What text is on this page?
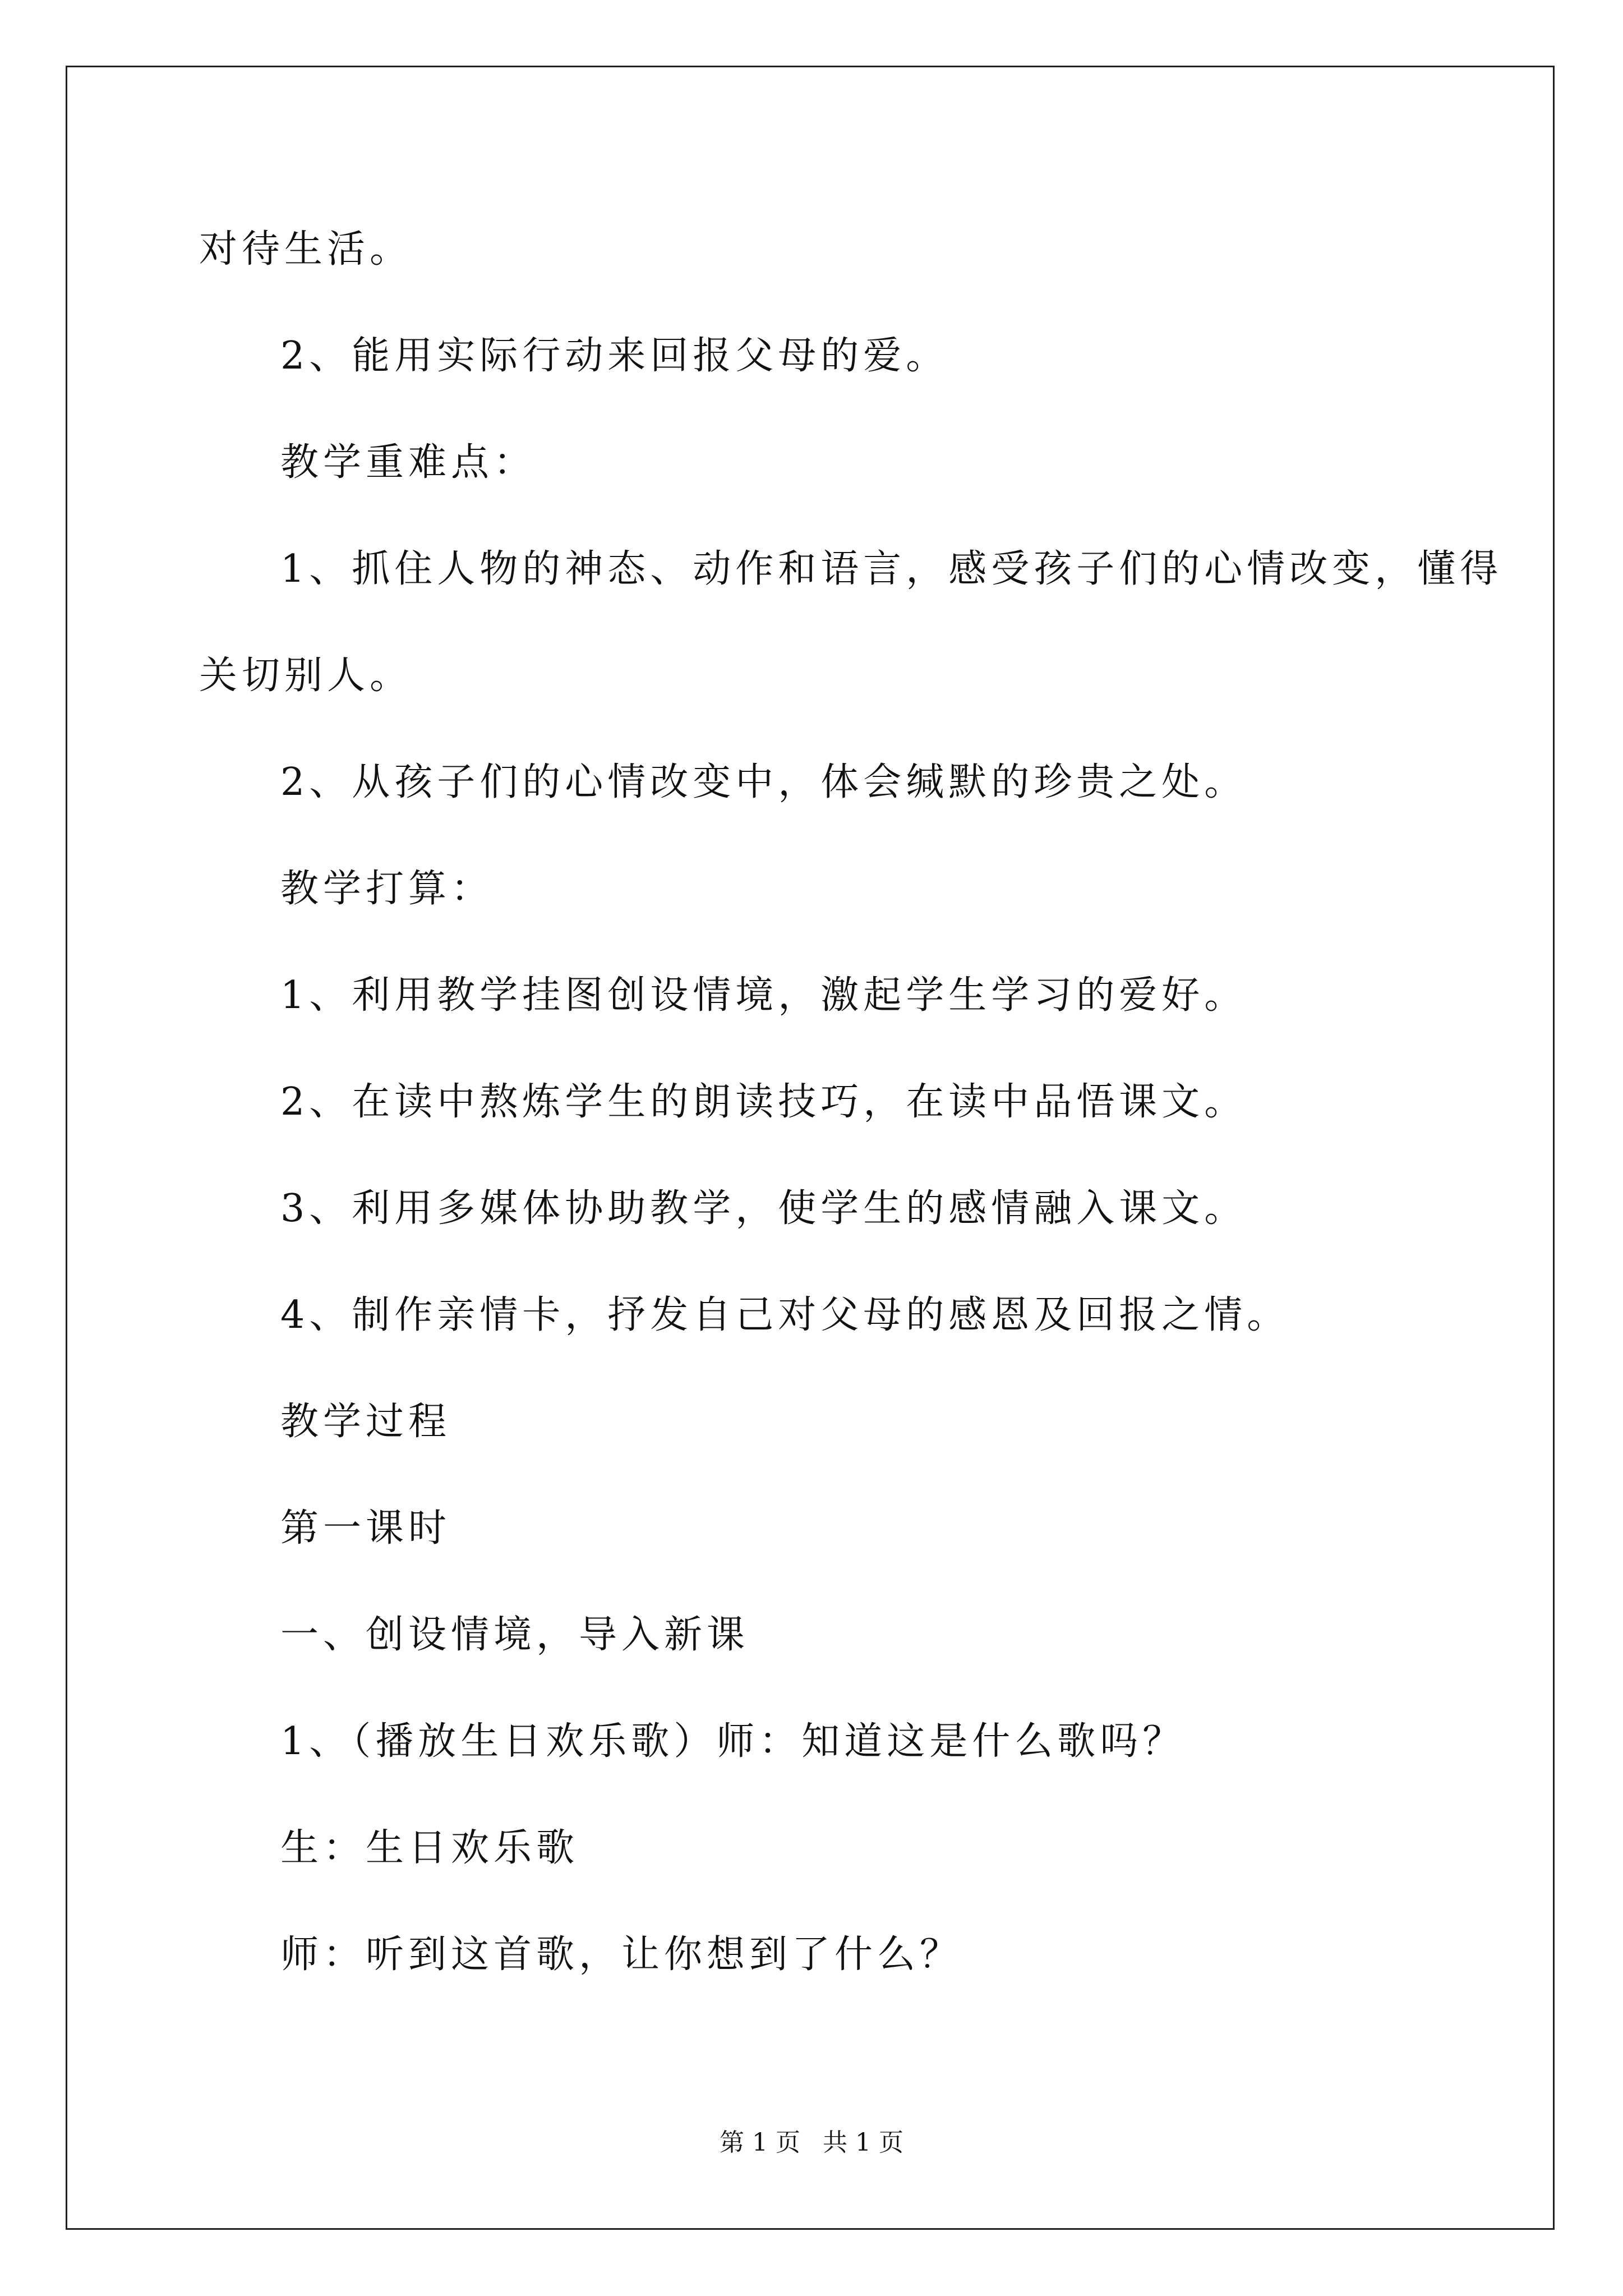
对待生活。
2、能用实际行动来回报父母的爱。
教学重难点：
1、抓住人物的神态、动作和语言，感受孩子们的心情改变，懂得
关切别人。
2、从孩子们的心情改变中，体会缄默的珍贵之处。
教学打算：
1、利用教学挂图创设情境，激起学生学习的爱好。
2、在读中熬炼学生的朗读技巧，在读中品悟课文。
3、利用多媒体协助教学，使学生的感情融入课文。
4、制作亲情卡，抒发自己对父母的感恩及回报之情。
教学过程
第一课时
一、创设情境，导入新课
1、（播放生日欢乐歌）师：知道这是什么歌吗？
生：生日欢乐歌
师：听到这首歌，让你想到了什么？
第 1 页 共 1 页
